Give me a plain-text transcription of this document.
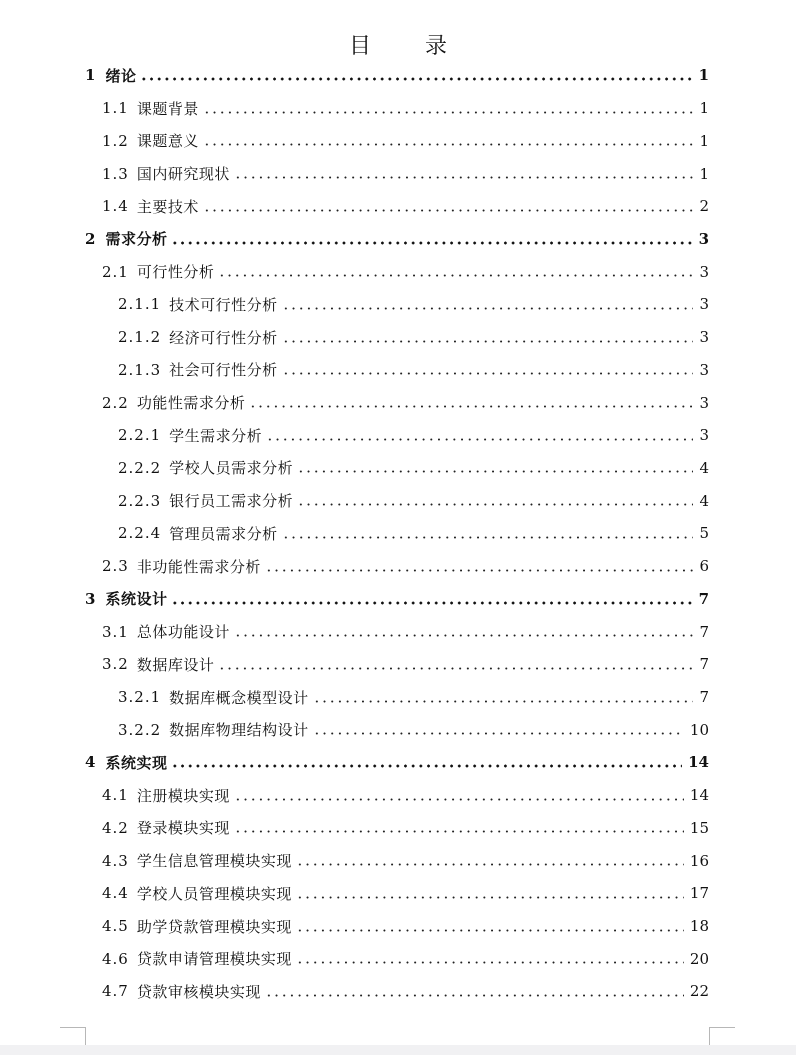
目　录
1 绪论	1
1.1 课题背景	1
1.2 课题意义	1
1.3 国内研究现状	1
1.4 主要技术	2
2 需求分析	3
2.1 可行性分析	3
2.1.1 技术可行性分析	3
2.1.2 经济可行性分析	3
2.1.3 社会可行性分析	3
2.2 功能性需求分析	3
2.2.1 学生需求分析	3
2.2.2 学校人员需求分析	4
2.2.3 银行员工需求分析	4
2.2.4 管理员需求分析	5
2.3 非功能性需求分析	6
3 系统设计	7
3.1 总体功能设计	7
3.2 数据库设计	7
3.2.1 数据库概念模型设计	7
3.2.2 数据库物理结构设计	10
4 系统实现	14
4.1 注册模块实现	14
4.2 登录模块实现	15
4.3 学生信息管理模块实现	16
4.4 学校人员管理模块实现	17
4.5 助学贷款管理模块实现	18
4.6 贷款申请管理模块实现	20
4.7 贷款审核模块实现	22
